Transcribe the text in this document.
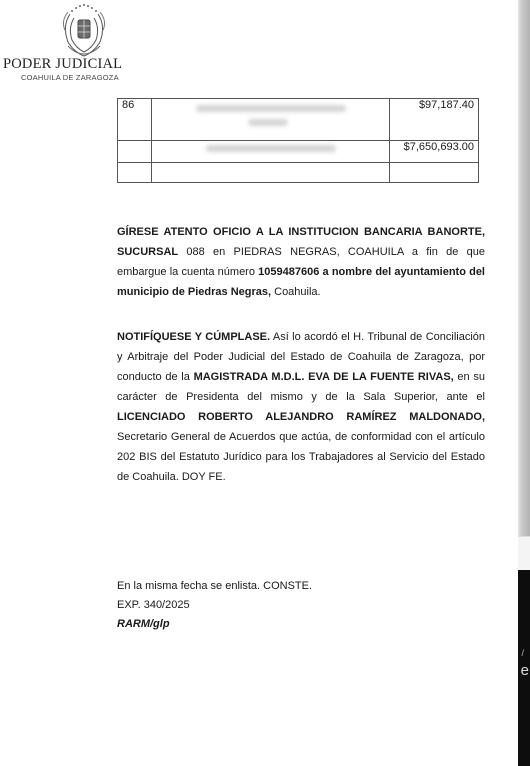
PODER JUDICIAL
COAHUILA DE ZARAGOZA
86		$97,187.40
		$7,650,693.00

GÍRESE ATENTO OFICIO A LA INSTITUCION BANCARIA BANORTE, SUCURSAL 088 en PIEDRAS NEGRAS, COAHUILA a fin de que embargue la cuenta número 1059487606 a nombre del ayuntamiento del municipio de Piedras Negras, Coahuila.
NOTIFÍQUESE Y CÚMPLASE. Así lo acordó el H. Tribunal de Conciliación y Arbitraje del Poder Judicial del Estado de Coahuila de Zaragoza, por conducto de la MAGISTRADA M.D.L. EVA DE LA FUENTE RIVAS, en su carácter de Presidenta del mismo y de la Sala Superior, ante el LICENCIADO ROBERTO ALEJANDRO RAMÍREZ MALDONADO, Secretario General de Acuerdos que actúa, de conformidad con el artículo 202 BIS del Estatuto Jurídico para los Trabajadores al Servicio del Estado de Coahuila. DOY FE.
En la misma fecha se enlista. CONSTE.
EXP. 340/2025
RARM/glp
/
e
